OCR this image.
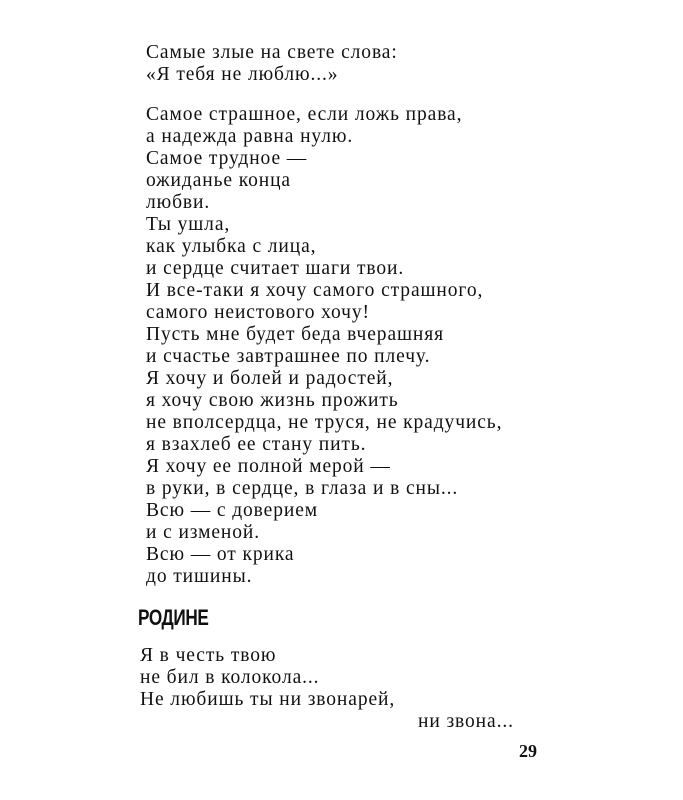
Самые злые на свете слова:
«Я тебя не люблю...»
Самое страшное, если ложь права,
а надежда равна нулю.
Самое трудное —
ожиданье конца
любви.
Ты ушла,
как улыбка с лица,
и сердце считает шаги твои.
И все-таки я хочу самого страшного,
самого неистового хочу!
Пусть мне будет беда вчерашняя
и счастье завтрашнее по плечу.
Я хочу и болей и радостей,
я хочу свою жизнь прожить
не вполсердца, не труся, не крадучись,
я взахлеб ее стану пить.
Я хочу ее полной мерой —
в руки, в сердце, в глаза и в сны...
Всю — с доверием
и с изменой.
Всю — от крика
до тишины.
РОДИНЕ
Я в честь твою
не бил в колокола...
Не любишь ты ни звонарей,
ни звона...
29
